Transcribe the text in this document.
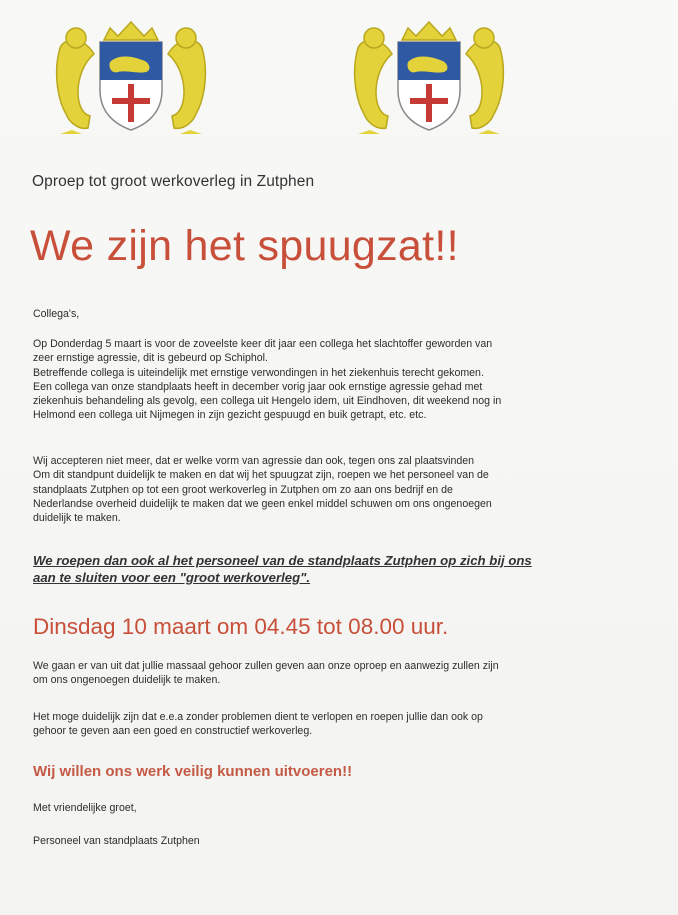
Oproep tot groot werkoverleg in Zutphen
We zijn het spuugzat!!
Collega's,

Op Donderdag 5 maart is voor de zoveelste keer dit jaar een collega het slachtoffer geworden van

zeer ernstige agressie, dit is gebeurd op Schiphol.

Betreffende collega is uiteindelijk met ernstige verwondingen in het ziekenhuis terecht gekomen.

Een collega van onze standplaats heeft in december vorig jaar ook ernstige agressie gehad met

ziekenhuis behandeling als gevolg, een collega uit Hengelo idem, uit Eindhoven, dit weekend nog in

Helmond een collega uit Nijmegen in zijn gezicht gespuugd en buik getrapt, etc. etc.

Wij accepteren niet meer, dat er welke vorm van agressie dan ook, tegen ons zal plaatsvinden

Om dit standpunt duidelijk te maken en dat wij het spuugzat zijn, roepen we het personeel van de

standplaats Zutphen op tot een groot werkoverleg in Zutphen om zo aan ons bedrijf en de

Nederlandse overheid duidelijk te maken dat we geen enkel middel schuwen om ons ongenoegen

duidelijk te maken.

We roepen dan ook al het personeel van de standplaats Zutphen op zich bij ons
aan te sluiten voor een "groot werkoverleg".
Dinsdag 10 maart om 04.45 tot 08.00 uur.

We gaan er van uit dat jullie massaal gehoor zullen geven aan onze oproep en aanwezig zullen zijn

om ons ongenoegen duidelijk te maken.

Het moge duidelijk zijn dat e.e.a zonder problemen dient te verlopen en roepen jullie dan ook op

gehoor te geven aan een goed en constructief werkoverleg.

Wij willen ons werk veilig kunnen uitvoeren!!
Met vriendelijke groet,
Personeel van standplaats Zutphen
